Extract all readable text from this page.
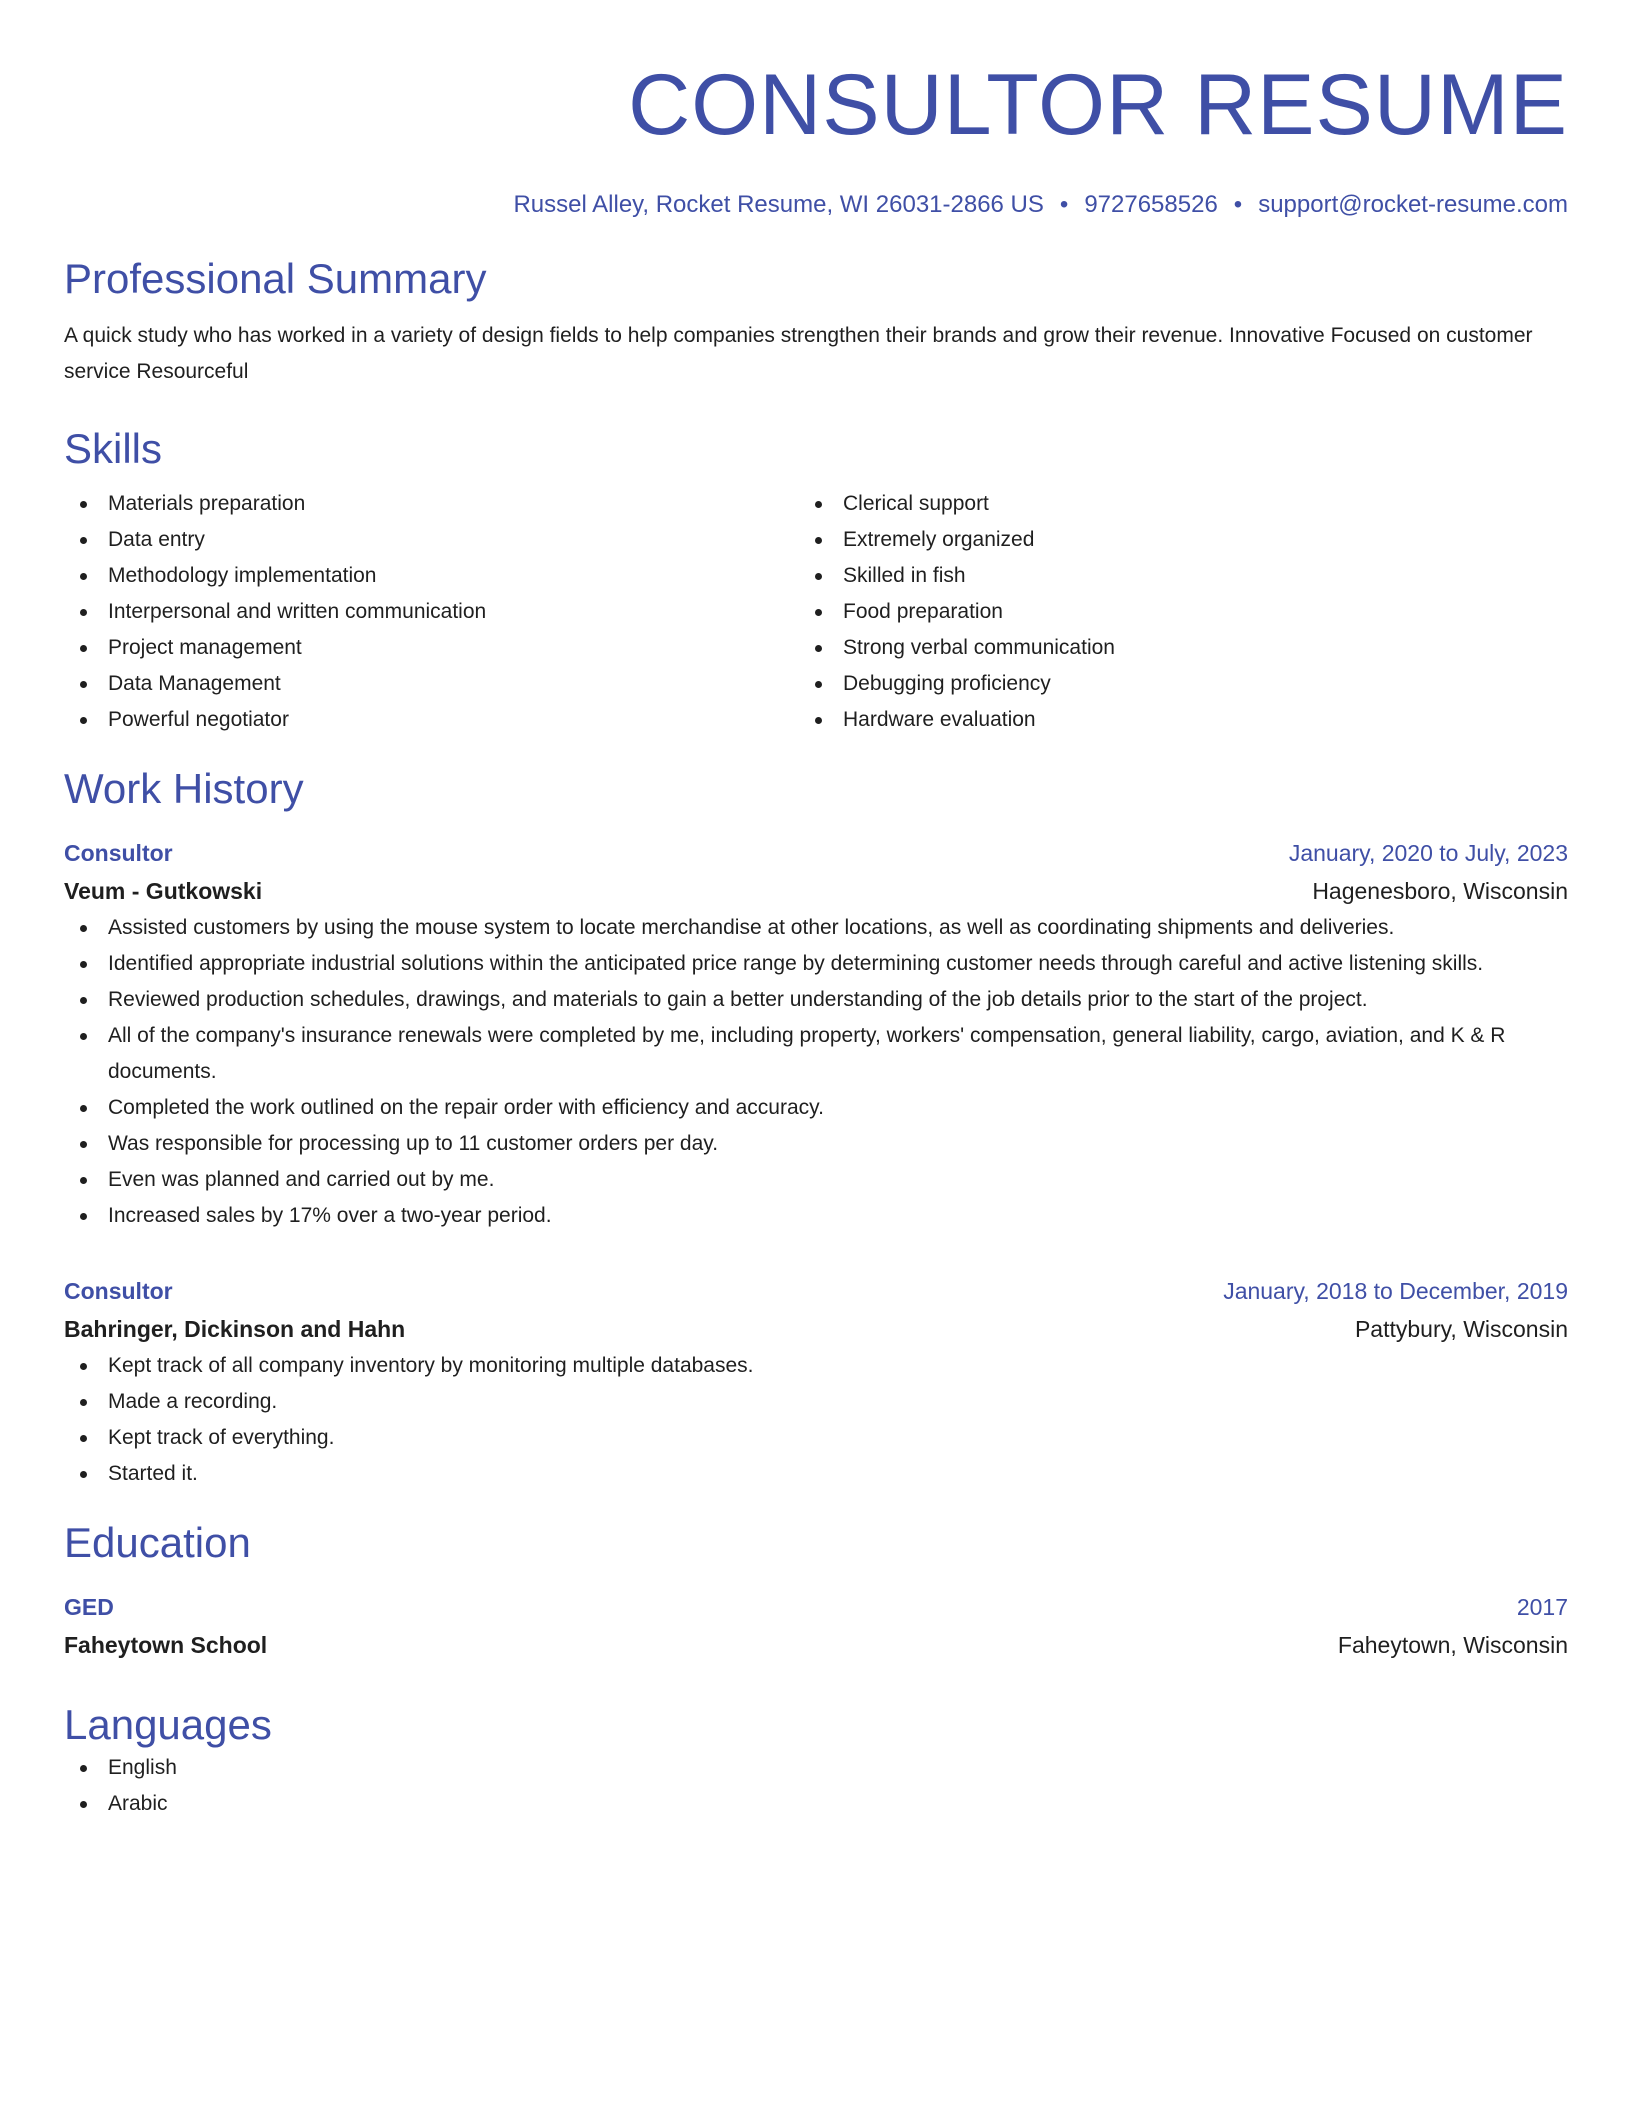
CONSULTOR RESUME
Russel Alley, Rocket Resume, WI 26031-2866 US • 9727658526 • support@rocket-resume.com
Professional Summary
A quick study who has worked in a variety of design fields to help companies strengthen their brands and grow their revenue. Innovative Focused on customer service Resourceful
Skills
Materials preparation
Data entry
Methodology implementation
Interpersonal and written communication
Project management
Data Management
Powerful negotiator
Clerical support
Extremely organized
Skilled in fish
Food preparation
Strong verbal communication
Debugging proficiency
Hardware evaluation
Work History
Consultor	January, 2020 to July, 2023
Veum - Gutkowski	Hagenesboro, Wisconsin
Assisted customers by using the mouse system to locate merchandise at other locations, as well as coordinating shipments and deliveries.
Identified appropriate industrial solutions within the anticipated price range by determining customer needs through careful and active listening skills.
Reviewed production schedules, drawings, and materials to gain a better understanding of the job details prior to the start of the project.
All of the company's insurance renewals were completed by me, including property, workers' compensation, general liability, cargo, aviation, and K & R documents.
Completed the work outlined on the repair order with efficiency and accuracy.
Was responsible for processing up to 11 customer orders per day.
Even was planned and carried out by me.
Increased sales by 17% over a two-year period.
Consultor	January, 2018 to December, 2019
Bahringer, Dickinson and Hahn	Pattybury, Wisconsin
Kept track of all company inventory by monitoring multiple databases.
Made a recording.
Kept track of everything.
Started it.
Education
GED	2017
Faheytown School	Faheytown, Wisconsin
Languages
English
Arabic
